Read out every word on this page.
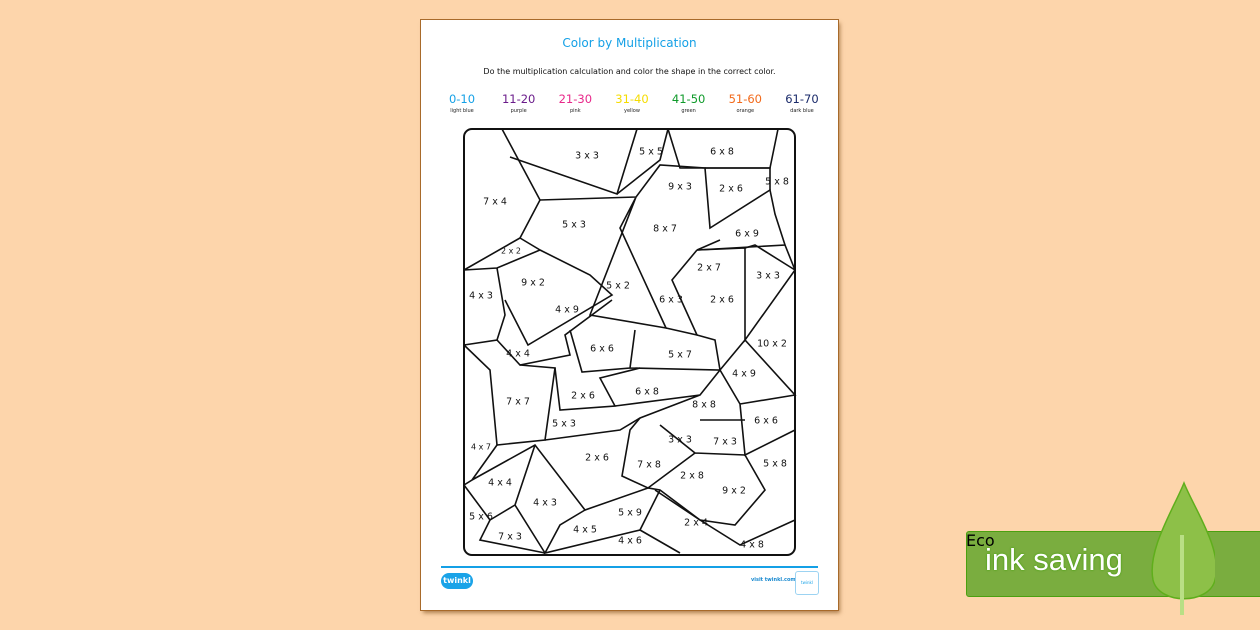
Color by Multiplication
Do the multiplication calculation and color the shape in the correct color.
0-10
light blue
11-20
purple
21-30
pink
31-40
yellow
41-50
green
51-60
orange
61-70
dark blue
twinkl	visit twinkl.com	twinkl
3 x 3	5 x 5	6 x 8
7 x 4
9 x 3	2 x 6
5 x 8
5 x 3	8 x 7	6 x 9
2 x 2
2 x 7
3 x 3
9 x 2	5 x 2
4 x 3	6 x 3	2 x 6
4 x 9
6 x 6
4 x 4	5 x 7
10 x 2
4 x 9
7 x 7
2 x 6	6 x 8
8 x 8
6 x 6
5 x 3
3 x 3 7 x 3
4 x 7
2 x 6
7 x 8	5 x 8
2 x 8
4 x 4
4 x 3
9 x 2
5 x 6	5 x 9
2 x 4
4 x 5
7 x 3	4 x 6	4 x 8	ink saving
Eco
